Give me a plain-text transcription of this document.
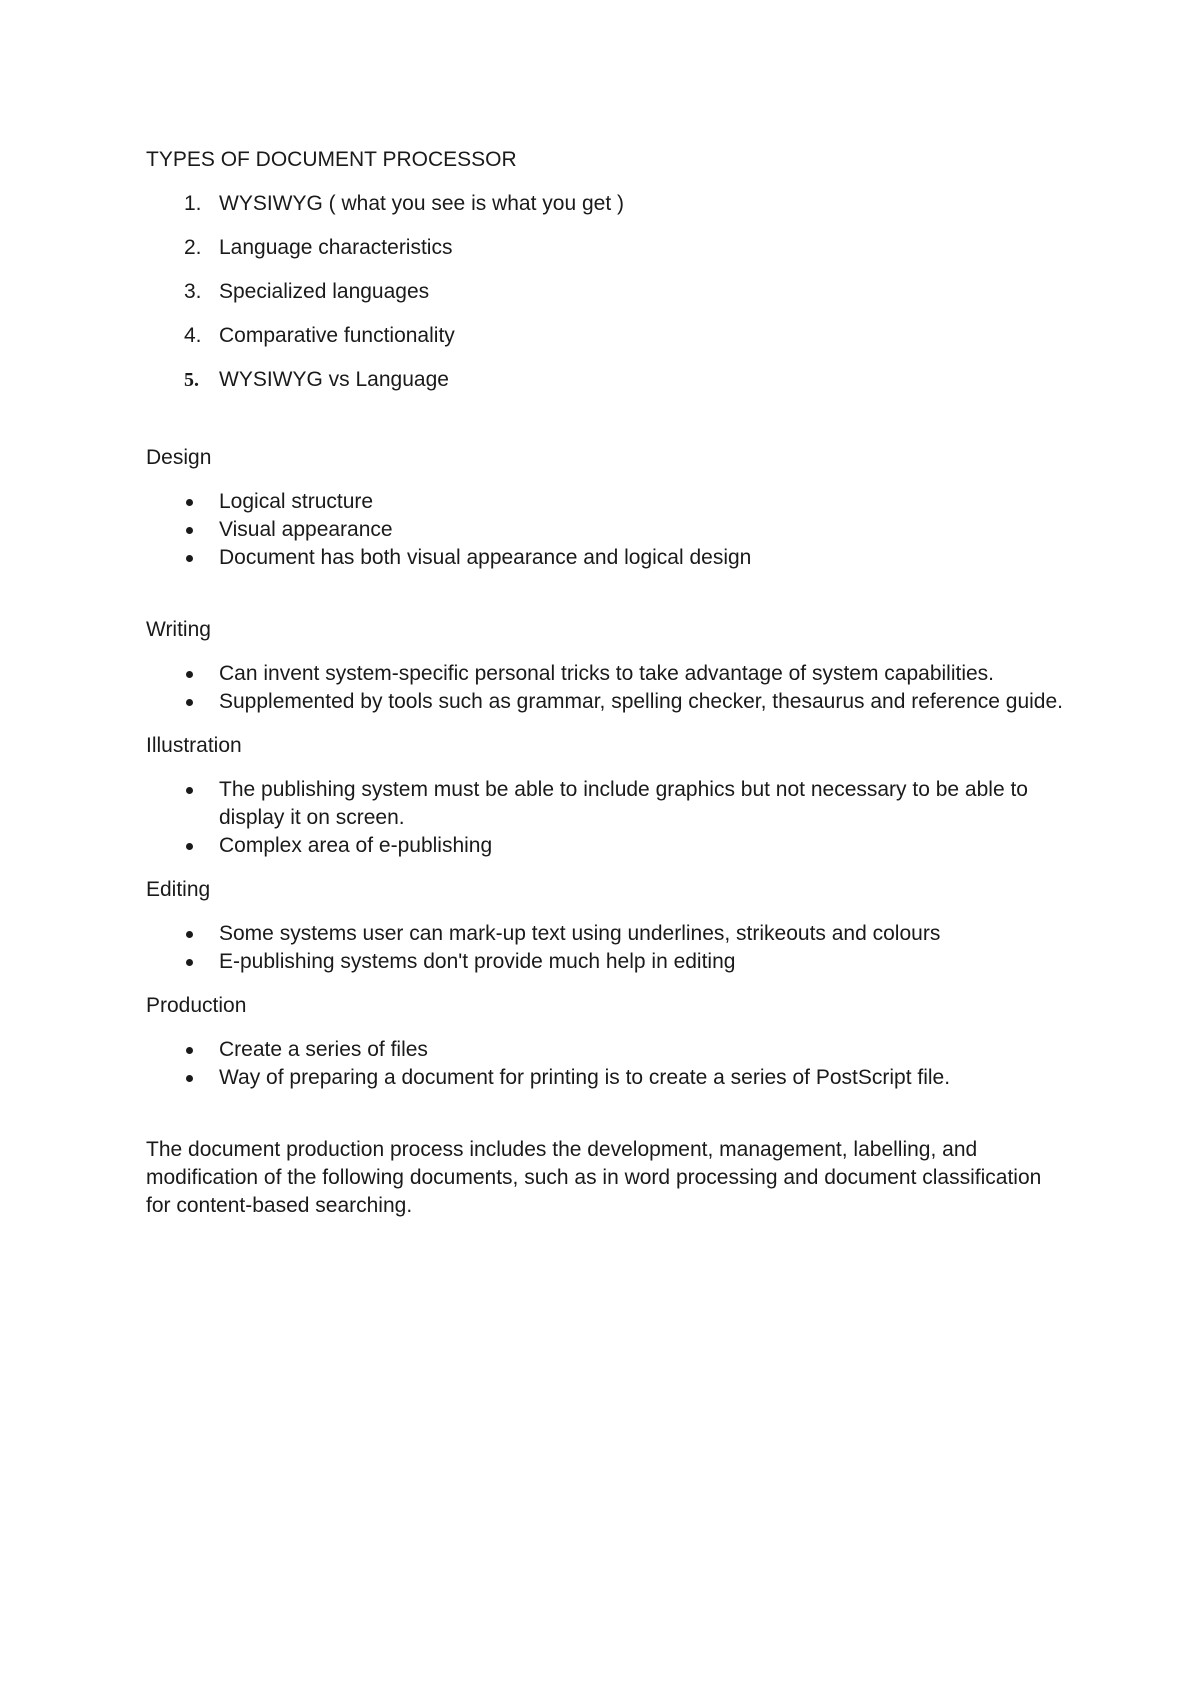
TYPES OF DOCUMENT PROCESSOR
1. WYSIWYG ( what you see is what you get )
2. Language characteristics
3. Specialized languages
4. Comparative functionality
5. WYSIWYG vs Language
Design
Logical structure
Visual appearance
Document has both visual appearance and logical design
Writing
Can invent system-specific personal tricks to take advantage of system capabilities.
Supplemented by tools such as grammar, spelling checker, thesaurus and reference guide.
Illustration
The publishing system must be able to include graphics but not necessary to be able to display it on screen.
Complex area of e-publishing
Editing
Some systems user can mark-up text using underlines, strikeouts and colours
E-publishing systems don't provide much help in editing
Production
Create a series of files
Way of preparing a document for printing is to create a series of PostScript file.

The document production process includes the development, management, labelling, and modification of the following documents, such as in word processing and document classification for content-based searching.
